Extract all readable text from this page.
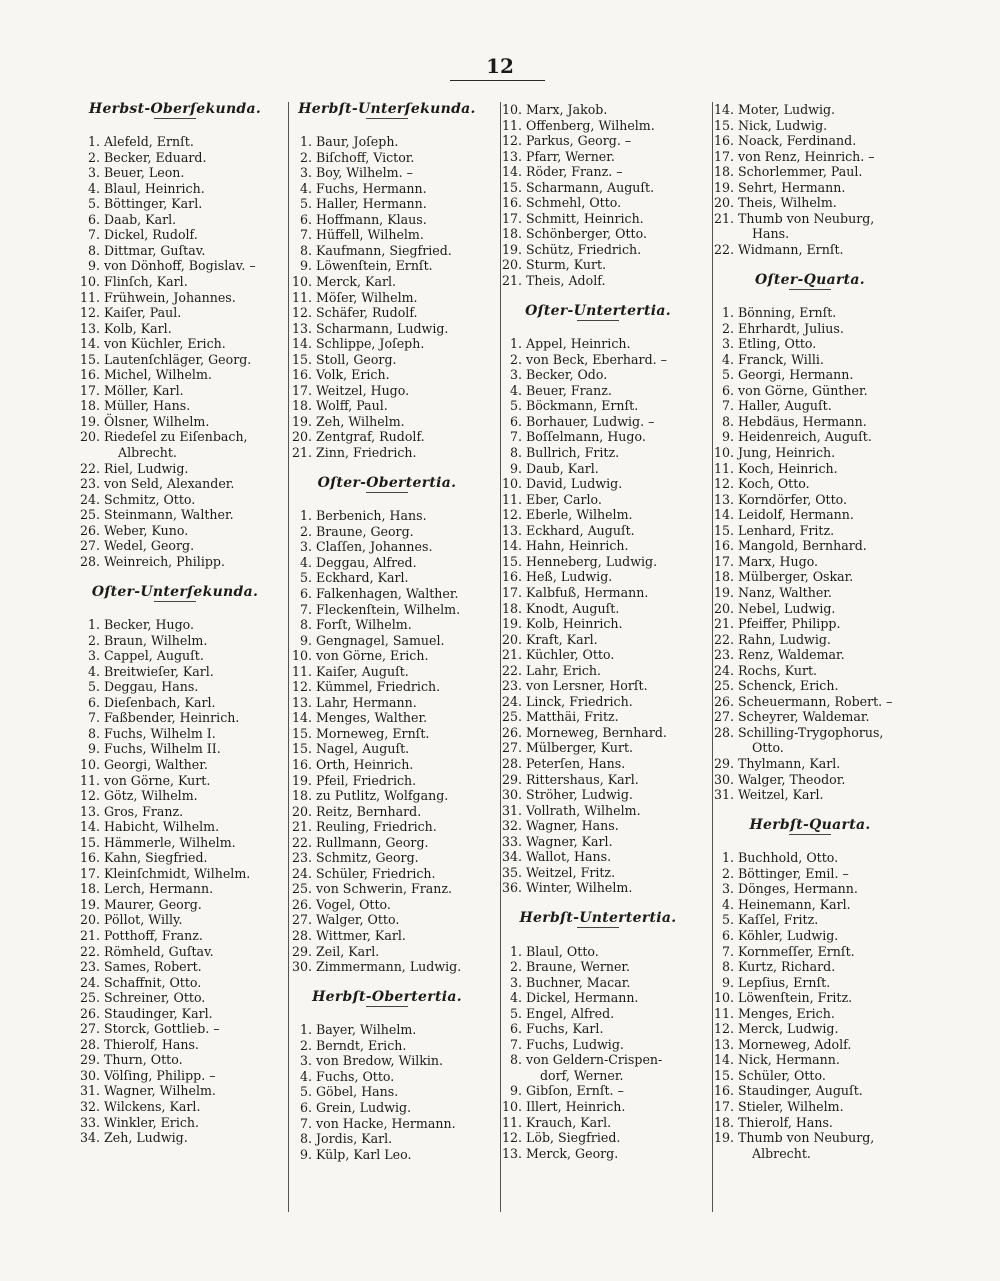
12
Herbst-Oberſekunda.
1. Alefeld, Ernſt.
2. Becker, Eduard.
3. Beuer, Leon.
4. Blaul, Heinrich.
5. Böttinger, Karl.
6. Daab, Karl.
7. Dickel, Rudolf.
8. Dittmar, Guſtav.
9. von Dönhoff, Bogislav. –
10. Flinſch, Karl.
11. Frühwein, Johannes.
12. Kaiſer, Paul.
13. Kolb, Karl.
14. von Küchler, Erich.
15. Lautenſchläger, Georg.
16. Michel, Wilhelm.
17. Möller, Karl.
18. Müller, Hans.
19. Ölsner, Wilhelm.
20. Riedeſel zu Eiſenbach,
Albrecht.
22. Riel, Ludwig.
23. von Seld, Alexander.
24. Schmitz, Otto.
25. Steinmann, Walther.
26. Weber, Kuno.
27. Wedel, Georg.
28. Weinreich, Philipp.
Oſter-Unterſekunda.
1. Becker, Hugo.
2. Braun, Wilhelm.
3. Cappel, Auguſt.
4. Breitwieſer, Karl.
5. Deggau, Hans.
6. Dieſenbach, Karl.
7. Faßbender, Heinrich.
8. Fuchs, Wilhelm I.
9. Fuchs, Wilhelm II.
10. Georgi, Walther.
11. von Görne, Kurt.
12. Götz, Wilhelm.
13. Gros, Franz.
14. Habicht, Wilhelm.
15. Hämmerle, Wilhelm.
16. Kahn, Siegfried.
17. Kleinſchmidt, Wilhelm.
18. Lerch, Hermann.
19. Maurer, Georg.
20. Pöllot, Willy.
21. Potthoff, Franz.
22. Römheld, Guſtav.
23. Sames, Robert.
24. Schaffnit, Otto.
25. Schreiner, Otto.
26. Staudinger, Karl.
27. Storck, Gottlieb. –
28. Thierolf, Hans.
29. Thurn, Otto.
30. Völſing, Philipp. –
31. Wagner, Wilhelm.
32. Wilckens, Karl.
33. Winkler, Erich.
34. Zeh, Ludwig.
Herbſt-Unterſekunda.
1. Baur, Joſeph.
2. Biſchoff, Victor.
3. Boy, Wilhelm. –
4. Fuchs, Hermann.
5. Haller, Hermann.
6. Hoffmann, Klaus.
7. Hüffell, Wilhelm.
8. Kaufmann, Siegfried.
9. Löwenſtein, Ernſt.
10. Merck, Karl.
11. Möſer, Wilhelm.
12. Schäfer, Rudolf.
13. Scharmann, Ludwig.
14. Schlippe, Joſeph.
15. Stoll, Georg.
16. Volk, Erich.
17. Weitzel, Hugo.
18. Wolff, Paul.
19. Zeh, Wilhelm.
20. Zentgraf, Rudolf.
21. Zinn, Friedrich.
Oſter-Obertertia.
1. Berbenich, Hans.
2. Braune, Georg.
3. Claſſen, Johannes.
4. Deggau, Alfred.
5. Eckhard, Karl.
6. Falkenhagen, Walther.
7. Fleckenſtein, Wilhelm.
8. Forſt, Wilhelm.
9. Gengnagel, Samuel.
10. von Görne, Erich.
11. Kaiſer, Auguſt.
12. Kümmel, Friedrich.
13. Lahr, Hermann.
14. Menges, Walther.
15. Morneweg, Ernſt.
15. Nagel, Auguſt.
16. Orth, Heinrich.
19. Pfeil, Friedrich.
18. zu Putlitz, Wolfgang.
20. Reitz, Bernhard.
21. Reuling, Friedrich.
22. Rullmann, Georg.
23. Schmitz, Georg.
24. Schüler, Friedrich.
25. von Schwerin, Franz.
26. Vogel, Otto.
27. Walger, Otto.
28. Wittmer, Karl.
29. Zeil, Karl.
30. Zimmermann, Ludwig.
Herbſt-Obertertia.
1. Bayer, Wilhelm.
2. Berndt, Erich.
3. von Bredow, Wilkin.
4. Fuchs, Otto.
5. Göbel, Hans.
6. Grein, Ludwig.
7. von Hacke, Hermann.
8. Jordis, Karl.
9. Külp, Karl Leo.
10. Marx, Jakob.
11. Offenberg, Wilhelm.
12. Parkus, Georg. –
13. Pfarr, Werner.
14. Röder, Franz. –
15. Scharmann, Auguſt.
16. Schmehl, Otto.
17. Schmitt, Heinrich.
18. Schönberger, Otto.
19. Schütz, Friedrich.
20. Sturm, Kurt.
21. Theis, Adolf.
Oſter-Untertertia.
1. Appel, Heinrich.
2. von Beck, Eberhard. –
3. Becker, Odo.
4. Beuer, Franz.
5. Böckmann, Ernſt.
6. Borhauer, Ludwig. –
7. Boſſelmann, Hugo.
8. Bullrich, Fritz.
9. Daub, Karl.
10. David, Ludwig.
11. Eber, Carlo.
12. Eberle, Wilhelm.
13. Eckhard, Auguſt.
14. Hahn, Heinrich.
15. Henneberg, Ludwig.
16. Heß, Ludwig.
17. Kalbfuß, Hermann.
18. Knodt, Auguſt.
19. Kolb, Heinrich.
20. Kraft, Karl.
21. Küchler, Otto.
22. Lahr, Erich.
23. von Lersner, Horſt.
24. Linck, Friedrich.
25. Matthäi, Fritz.
26. Morneweg, Bernhard.
27. Mülberger, Kurt.
28. Peterſen, Hans.
29. Rittershaus, Karl.
30. Ströher, Ludwig.
31. Vollrath, Wilhelm.
32. Wagner, Hans.
33. Wagner, Karl.
34. Wallot, Hans.
35. Weitzel, Fritz.
36. Winter, Wilhelm.
Herbſt-Untertertia.
1. Blaul, Otto.
2. Braune, Werner.
3. Buchner, Macar.
4. Dickel, Hermann.
5. Engel, Alfred.
6. Fuchs, Karl.
7. Fuchs, Ludwig.
8. von Geldern-Crispen-
dorf, Werner.
9. Gibſon, Ernſt. –
10. Illert, Heinrich.
11. Krauch, Karl.
12. Löb, Siegfried.
13. Merck, Georg.
14. Moter, Ludwig.
15. Nick, Ludwig.
16. Noack, Ferdinand.
17. von Renz, Heinrich. –
18. Schorlemmer, Paul.
19. Sehrt, Hermann.
20. Theis, Wilhelm.
21. Thumb von Neuburg,
Hans.
22. Widmann, Ernſt.
Oſter-Quarta.
1. Bönning, Ernſt.
2. Ehrhardt, Julius.
3. Etling, Otto.
4. Franck, Willi.
5. Georgi, Hermann.
6. von Görne, Günther.
7. Haller, Auguſt.
8. Hebdäus, Hermann.
9. Heidenreich, Auguſt.
10. Jung, Heinrich.
11. Koch, Heinrich.
12. Koch, Otto.
13. Korndörfer, Otto.
14. Leidolf, Hermann.
15. Lenhard, Fritz.
16. Mangold, Bernhard.
17. Marx, Hugo.
18. Mülberger, Oskar.
19. Nanz, Walther.
20. Nebel, Ludwig.
21. Pfeiffer, Philipp.
22. Rahn, Ludwig.
23. Renz, Waldemar.
24. Rochs, Kurt.
25. Schenck, Erich.
26. Scheuermann, Robert. –
27. Scheyrer, Waldemar.
28. Schilling-Trygophorus,
Otto.
29. Thylmann, Karl.
30. Walger, Theodor.
31. Weitzel, Karl.
Herbſt-Quarta.
1. Buchhold, Otto.
2. Böttinger, Emil. –
3. Dönges, Hermann.
4. Heinemann, Karl.
5. Kaſſel, Fritz.
6. Köhler, Ludwig.
7. Kornmeſſer, Ernſt.
8. Kurtz, Richard.
9. Lepſius, Ernſt.
10. Löwenſtein, Fritz.
11. Menges, Erich.
12. Merck, Ludwig.
13. Morneweg, Adolf.
14. Nick, Hermann.
15. Schüler, Otto.
16. Staudinger, Auguſt.
17. Stieler, Wilhelm.
18. Thierolf, Hans.
19. Thumb von Neuburg,
Albrecht.
